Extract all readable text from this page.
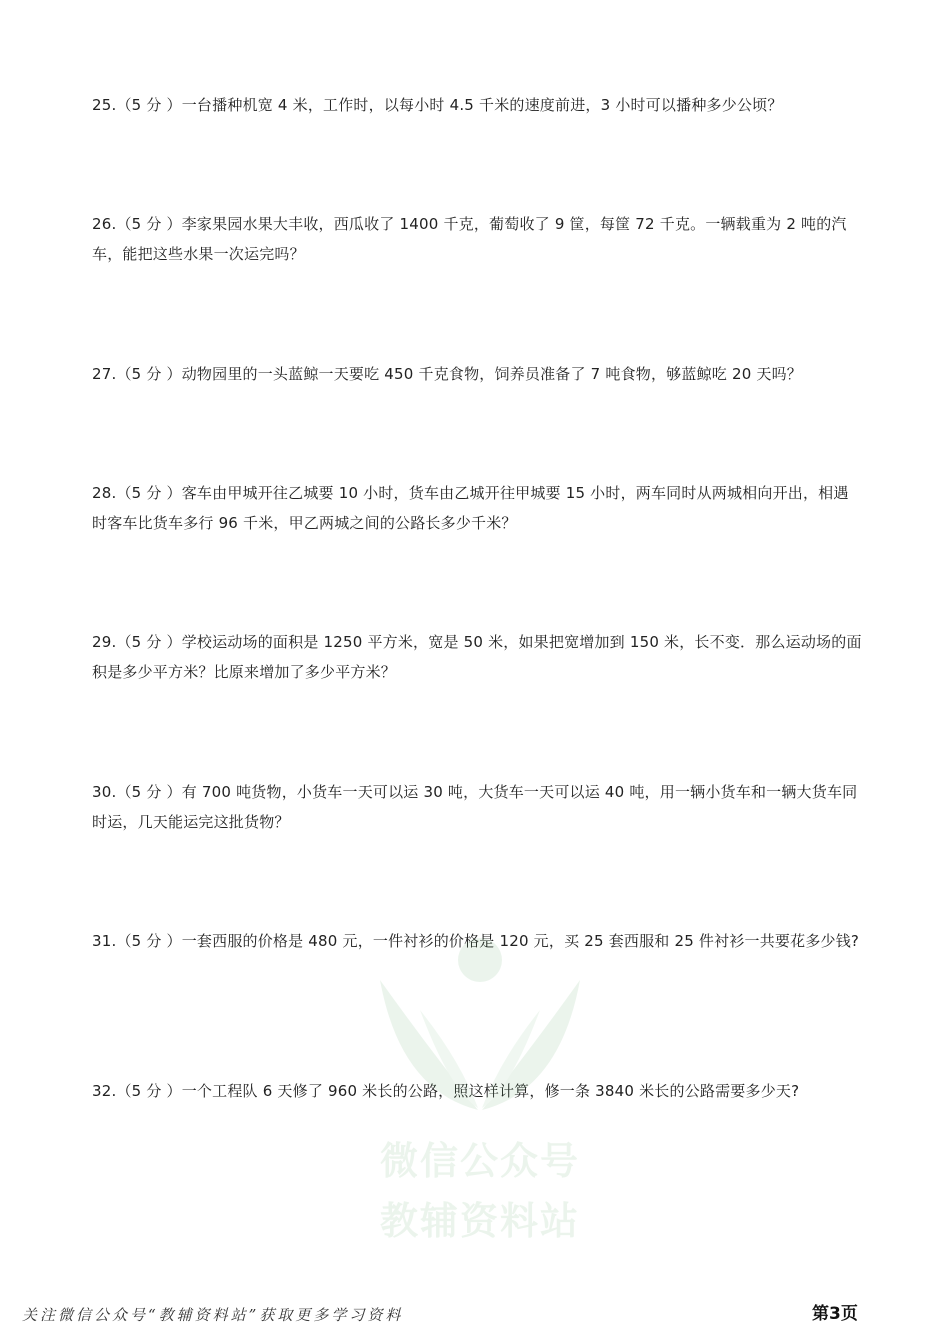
25.（5 分 ）一台播种机宽 4 米，工作时，以每小时 4.5 千米的速度前进，3 小时可以播种多少公顷？
26.（5 分 ）李家果园水果大丰收，西瓜收了 1400 千克，葡萄收了 9 筐，每筐 72 千克。一辆载重为 2 吨的汽车，能把这些水果一次运完吗？
27.（5 分 ）动物园里的一头蓝鲸一天要吃 450 千克食物，饲养员准备了 7 吨食物，够蓝鲸吃 20 天吗？
28.（5 分 ）客车由甲城开往乙城要 10 小时，货车由乙城开往甲城要 15 小时，两车同时从两城相向开出，相遇时客车比货车多行 96 千米，甲乙两城之间的公路长多少千米？
29.（5 分 ）学校运动场的面积是 1250 平方米，宽是 50 米，如果把宽增加到 150 米，长不变．那么运动场的面积是多少平方米？比原来增加了多少平方米？
30.（5 分 ）有 700 吨货物，小货车一天可以运 30 吨，大货车一天可以运 40 吨，用一辆小货车和一辆大货车同时运，几天能运完这批货物？
31.（5 分 ）一套西服的价格是 480 元，一件衬衫的价格是 120 元，买 25 套西服和 25 件衬衫一共要花多少钱?
32.（5 分 ）一个工程队 6 天修了 960 米长的公路，照这样计算，修一条 3840 米长的公路需要多少天?
微信公众号
教辅资料站
关注微信公众号“教辅资料站”获取更多学习资料	第3页
